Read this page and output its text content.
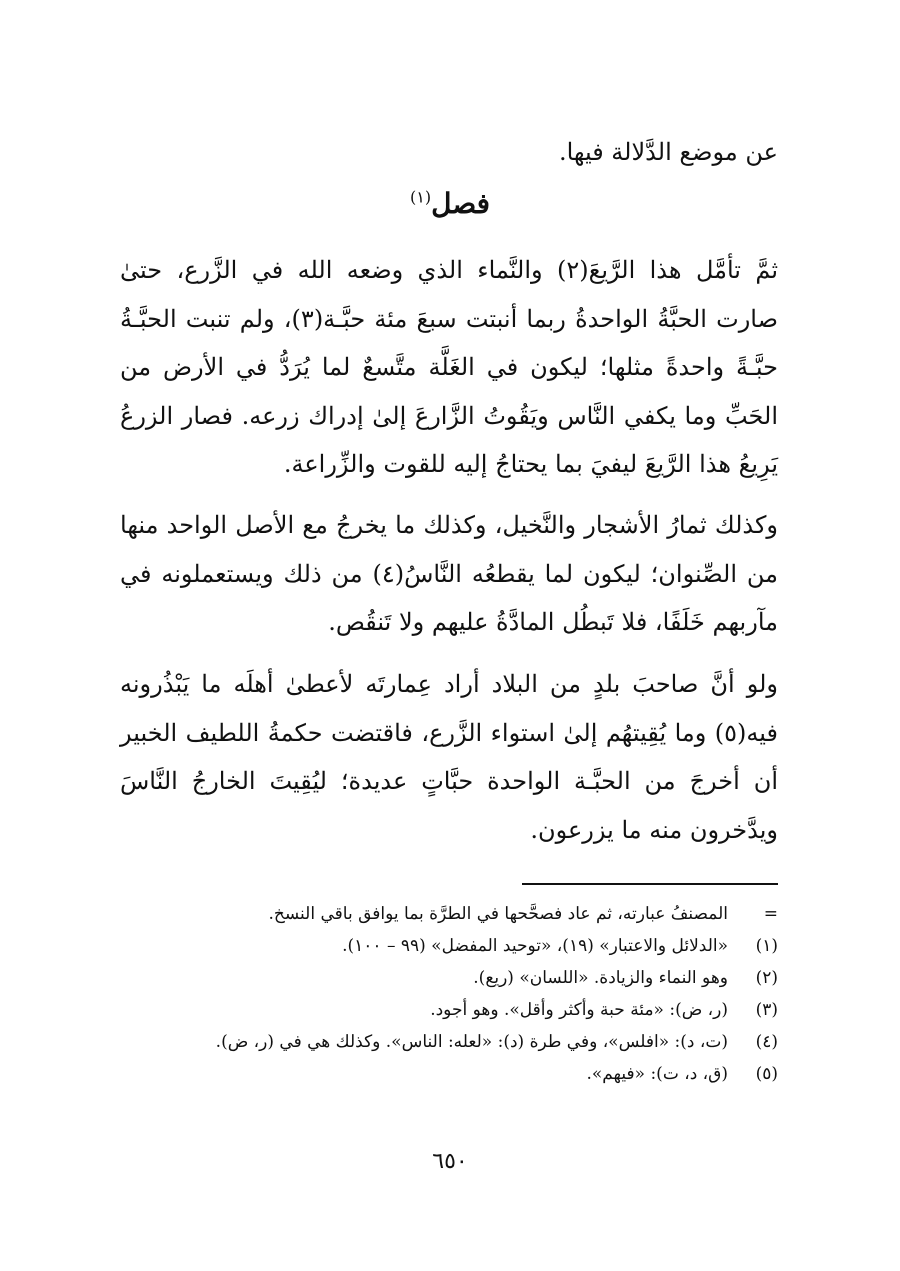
عن موضع الدَّلالة فيها.

فصل$^{(١)}$

ثمَّ تأمَّل هذا الرَّيعَ(٢) والنَّماء الذي وضعه الله في الزَّرع، حتىٰ صارت الحبَّةُ الواحدةُ ربما أنبتت سبعَ مئة حبَّـة(٣)، ولم تنبت الحبَّـةُ حبَّـةً واحدةً مثلها؛ ليكون في الغَلَّة متَّسعٌ لما يُرَدُّ في الأرض من الحَبِّ وما يكفي النَّاس ويَقُوتُ الزَّارعَ إلىٰ إدراك زرعه. فصار الزرعُ يَرِيعُ هذا الرَّيعَ ليفيَ بما يحتاجُ إليه للقوت والزِّراعة.

وكذلك ثمارُ الأشجار والنَّخيل، وكذلك ما يخرجُ مع الأصل الواحد منها من الصِّنوان؛ ليكون لما يقطعُه النَّاسُ(٤) من ذلك ويستعملونه في مآربهم خَلَفًا، فلا تَبطُل المادَّةُ عليهم ولا تَنقُص.

ولو أنَّ صاحبَ بلدٍ من البلاد أراد عِمارتَه لأعطىٰ أهلَه ما يَبْذُرونه فيه(٥) وما يُقِيتهُم إلىٰ استواء الزَّرع، فاقتضت حكمةُ اللطيف الخبير أن أخرجَ من الحبَّـة الواحدة حبَّاتٍ عديدة؛ ليُقِيتَ الخارجُ النَّاسَ ويدَّخرون منه ما يزرعون.

=
المصنفُ عبارته، ثم عاد فصحَّحها في الطرَّة بما يوافق باقي النسخ.
(١)
«الدلائل والاعتبار» (١٩)، «توحيد المفضل» (٩٩ – ١٠٠).
(٢)
وهو النماء والزيادة. «اللسان» (ريع).
(٣)
(ر، ض): «مئة حبة وأكثر وأقل». وهو أجود.
(٤)
(ت، د): «افلس»، وفي طرة (د): «لعله: الناس». وكذلك هي في (ر، ض).
(٥)
(ق، د، ت): «فيهم».
٦٥٠
